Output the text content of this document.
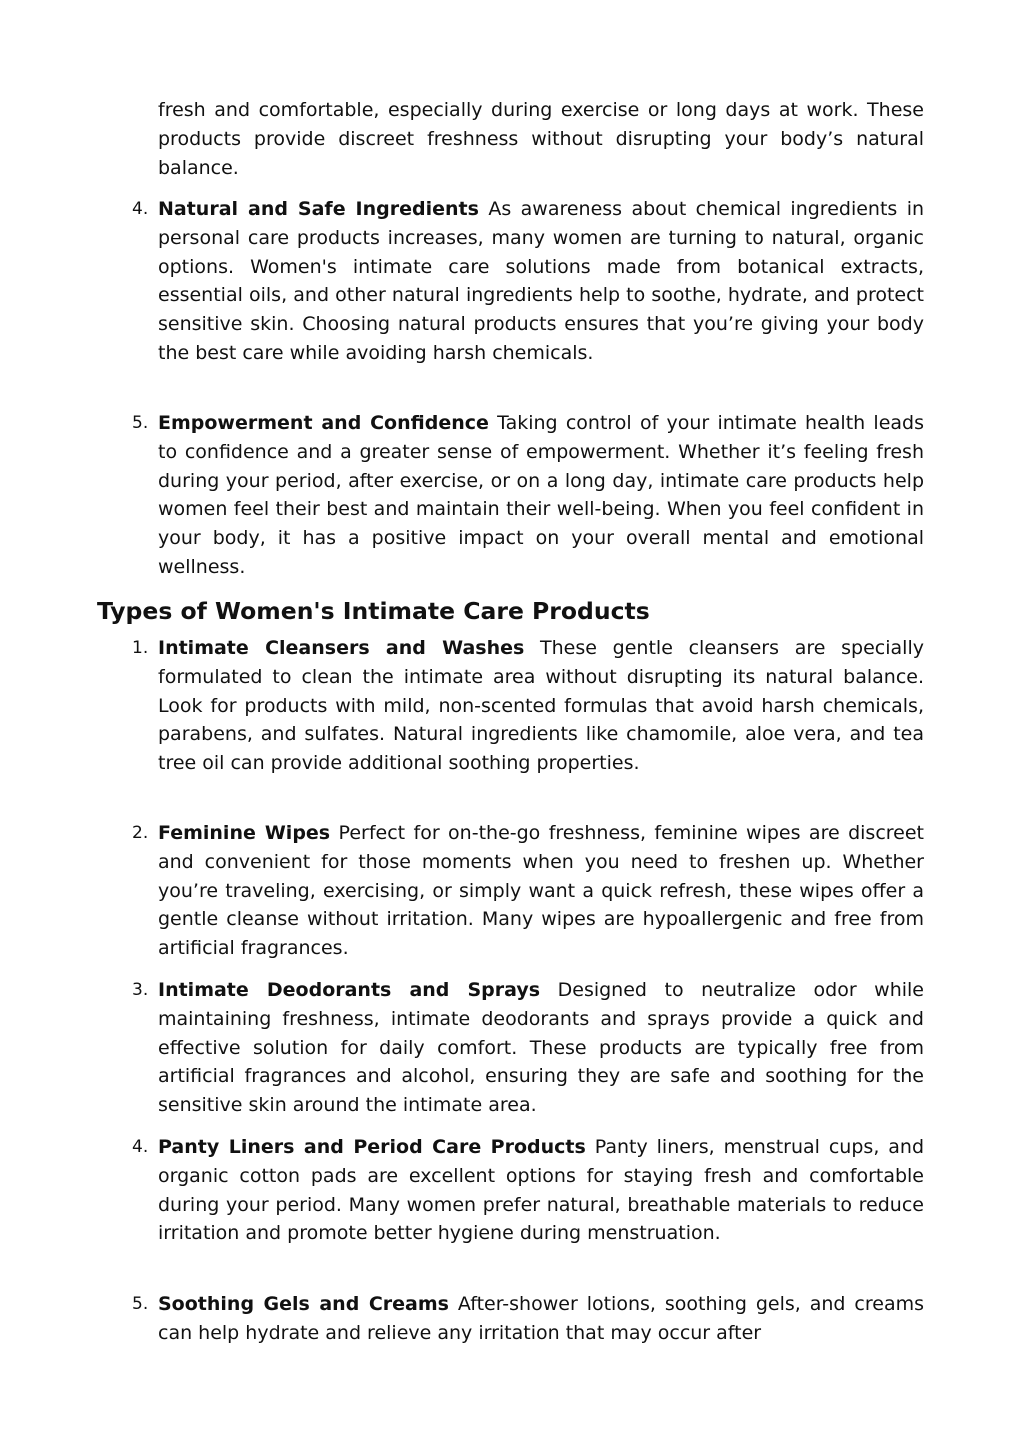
fresh and comfortable, especially during exercise or long days at work. These products provide discreet freshness without disrupting your body’s natural balance.

4. Natural and Safe Ingredients As awareness about chemical ingredients in personal care products increases, many women are turning to natural, organic options. Women's intimate care solutions made from botanical extracts, essential oils, and other natural ingredients help to soothe, hydrate, and protect sensitive skin. Choosing natural products ensures that you’re giving your body the best care while avoiding harsh chemicals.
5. Empowerment and Confidence Taking control of your intimate health leads to confidence and a greater sense of empowerment. Whether it’s feeling fresh during your period, after exercise, or on a long day, intimate care products help women feel their best and maintain their well-being. When you feel confident in your body, it has a positive impact on your overall mental and emotional wellness.
Types of Women's Intimate Care Products
1. Intimate Cleansers and Washes These gentle cleansers are specially formulated to clean the intimate area without disrupting its natural balance. Look for products with mild, non-scented formulas that avoid harsh chemicals, parabens, and sulfates. Natural ingredients like chamomile, aloe vera, and tea tree oil can provide additional soothing properties.
2. Feminine Wipes Perfect for on-the-go freshness, feminine wipes are discreet and convenient for those moments when you need to freshen up. Whether you’re traveling, exercising, or simply want a quick refresh, these wipes offer a gentle cleanse without irritation. Many wipes are hypoallergenic and free from artificial fragrances.
3. Intimate Deodorants and Sprays Designed to neutralize odor while maintaining freshness, intimate deodorants and sprays provide a quick and effective solution for daily comfort. These products are typically free from artificial fragrances and alcohol, ensuring they are safe and soothing for the sensitive skin around the intimate area.
4. Panty Liners and Period Care Products Panty liners, menstrual cups, and organic cotton pads are excellent options for staying fresh and comfortable during your period. Many women prefer natural, breathable materials to reduce irritation and promote better hygiene during menstruation.
5. Soothing Gels and Creams After-shower lotions, soothing gels, and creams can help hydrate and relieve any irritation that may occur after
